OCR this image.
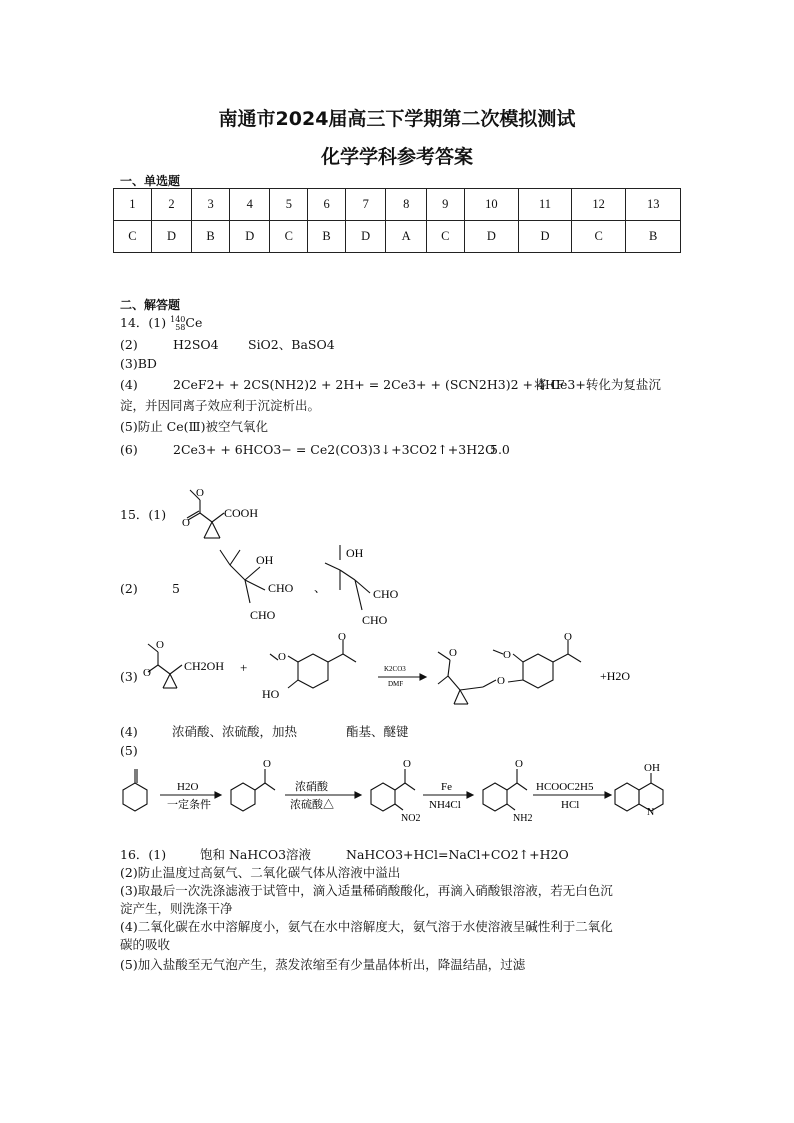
南通市2024届高三下学期第二次模拟测试
化学学科参考答案
一、单选题
1	2	3	4	5	6	7	8	9	10	11	12	13
C	D	B	D	C	B	D	A	C	D	D	C	B
二、解答题
14．(1) 140
58 Ce
(2)	H2SO4 SiO2、BaSO4
(3)BD
(4)	2CeF2+ + 2CS(NH2)2 + 2H+ = 2Ce3+ + (SCN2H3)2 + 4HF
将 Ce3+转化为复盐沉
淀，并因同离子效应利于沉淀析出。
(5)防止 Ce(Ⅲ)被空气氧化
(6)	2Ce3+ + 6HCO3− = Ce2(CO3)3↓+3CO2↑+3H2O
5.0
15．(1)
O
O
COOH
(2)	5
OH
CHO
CHO
、
OH
CHO
CHO
(3) O
O
CH2OH +
O
O
HO
K2CO3
DMF
O
O
O
O
+H2O
(4)	浓硝酸、浓硫酸，加热	酯基、醚键
(5)
H2O
一定条件
O
浓硝酸
浓硫酸△
O
NO2
Fe
NH4Cl
O
NH2
HCOOC2H5
HCl
OH
N
16．(1)	饱和 NaHCO3溶液	NaHCO3+HCl=NaCl+CO2↑+H2O
(2)防止温度过高氨气、二氧化碳气体从溶液中溢出
(3)取最后一次洗涤滤液于试管中，滴入适量稀硝酸酸化，再滴入硝酸银溶液，若无白色沉
淀产生，则洗涤干净
(4)二氧化碳在水中溶解度小，氨气在水中溶解度大，氨气溶于水使溶液呈碱性利于二氧化
碳的吸收
(5)加入盐酸至无气泡产生，蒸发浓缩至有少量晶体析出，降温结晶，过滤
